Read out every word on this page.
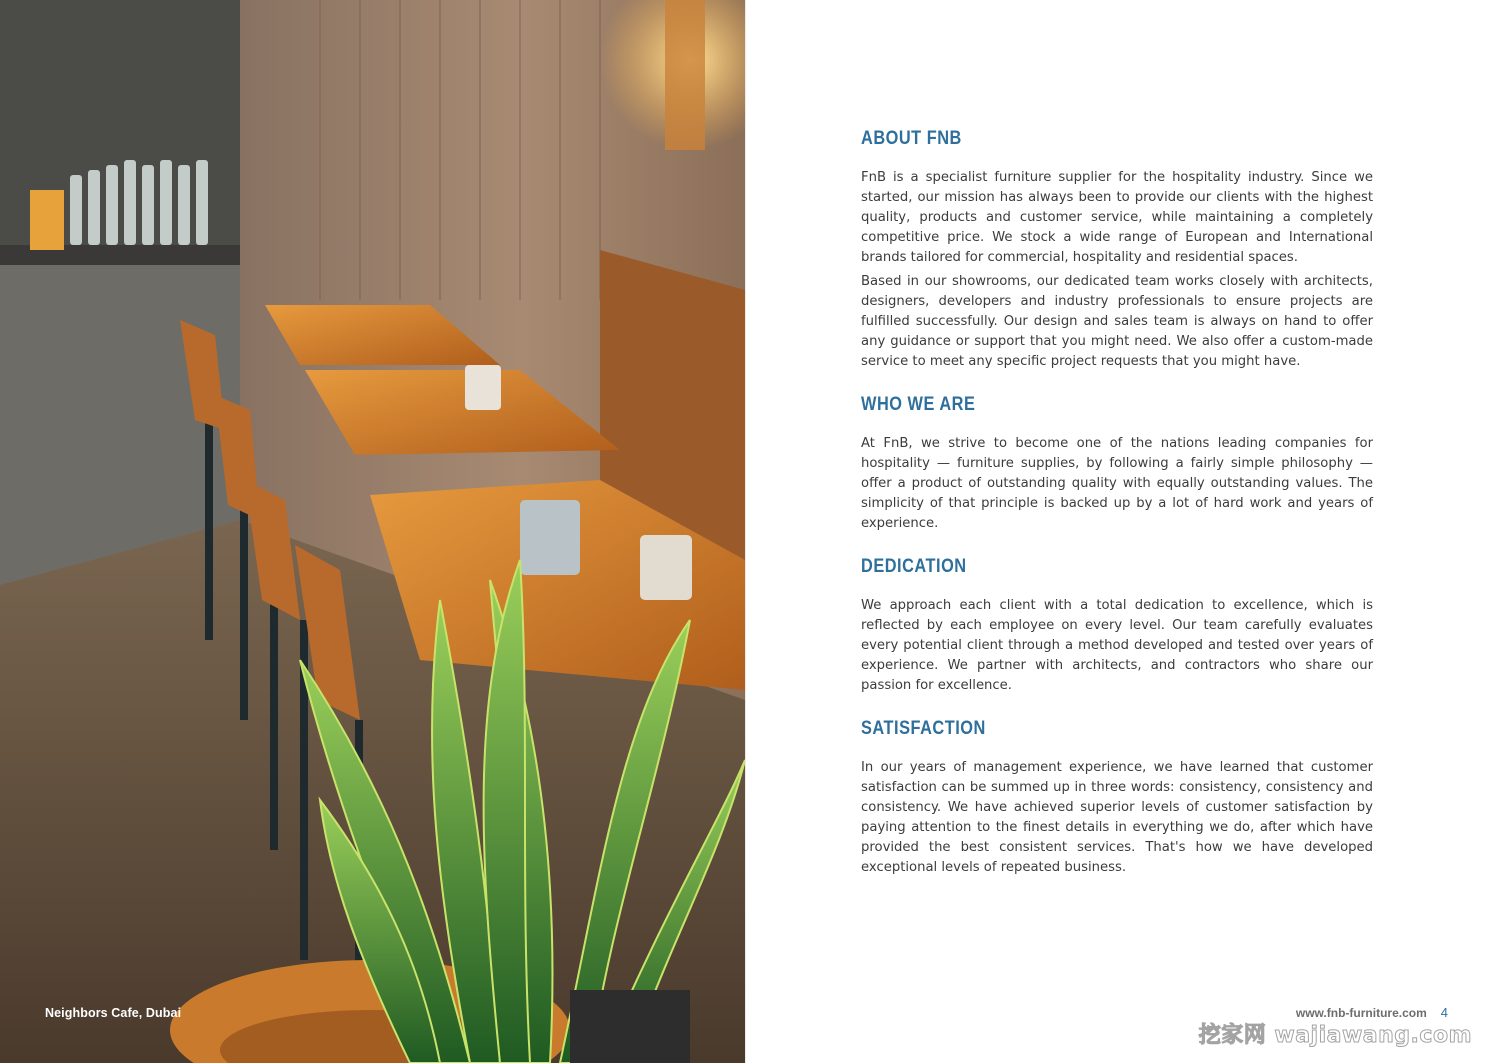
Neighbors Cafe, Dubai
ABOUT FNB

FnB is a specialist furniture supplier for the hospitality industry. Since we started, our mission has always been to provide our clients with the highest quality, products and customer service, while maintaining a completely competitive price. We stock a wide range of European and International brands tailored for commercial, hospitality and residential spaces.

Based in our showrooms, our dedicated team works closely with architects, designers, developers and industry professionals to ensure projects are fulfilled successfully. Our design and sales team is always on hand to offer any guidance or support that you might need. We also offer a custom-made service to meet any specific project requests that you might have.

WHO WE ARE

At FnB, we strive to become one of the nations leading companies for hospitality — furniture supplies, by following a fairly simple philosophy — offer a product of outstanding quality with equally outstanding values. The simplicity of that principle is backed up by a lot of hard work and years of experience.

DEDICATION

We approach each client with a total dedication to excellence, which is reflected by each employee on every level. Our team carefully evaluates every potential client through a method developed and tested over years of experience. We partner with architects, and contractors who share our passion for excellence.

SATISFACTION

In our years of management experience, we have learned that customer satisfaction can be summed up in three words: consistency, consistency and consistency. We have achieved superior levels of customer satisfaction by paying attention to the finest details in everything we do, after which have provided the best consistent services. That's how we have developed exceptional levels of repeated business.

www.fnb-furniture.com 4
挖家网 wajiawang.com
